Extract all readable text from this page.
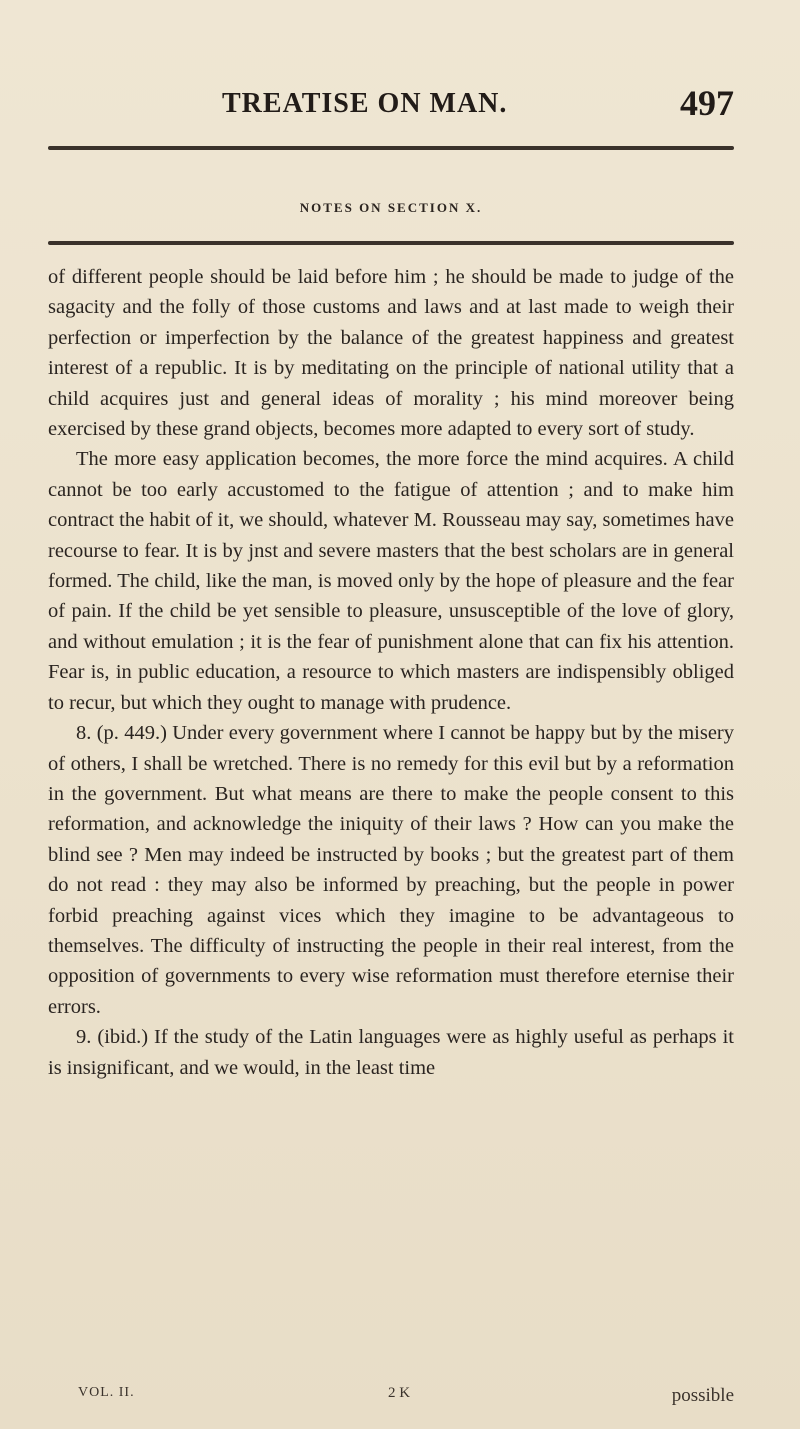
TREATISE ON MAN.	497
NOTES ON SECTION X.

of different people should be laid before him ; he should be made to judge of the sagacity and the folly of those customs and laws and at last made to weigh their perfection or imperfection by the balance of the greatest happiness and greatest interest of a republic. It is by meditating on the principle of national utility that a child acquires just and general ideas of morality ; his mind moreover being exercised by these grand objects, becomes more adapted to every sort of study.

The more easy application becomes, the more force the mind acquires. A child cannot be too early accustomed to the fatigue of attention ; and to make him contract the habit of it, we should, whatever M. Rousseau may say, sometimes have recourse to fear. It is by jnst and severe masters that the best scholars are in general formed. The child, like the man, is moved only by the hope of pleasure and the fear of pain. If the child be yet sensible to pleasure, unsusceptible of the love of glory, and without emulation ; it is the fear of punishment alone that can fix his attention. Fear is, in public education, a resource to which masters are indispensibly obliged to recur, but which they ought to manage with prudence.

8. (p. 449.) Under every government where I cannot be happy but by the misery of others, I shall be wretched. There is no remedy for this evil but by a reformation in the government. But what means are there to make the people consent to this reformation, and acknowledge the iniquity of their laws ? How can you make the blind see ? Men may indeed be instructed by books ; but the greatest part of them do not read : they may also be informed by preaching, but the people in power forbid preaching against vices which they imagine to be advantageous to themselves. The difficulty of instructing the people in their real interest, from the opposition of governments to every wise reformation must therefore eternise their errors.

9. (ibid.) If the study of the Latin languages were as highly useful as perhaps it is insignificant, and we would, in the least time

VOL. II.	2 K	possible
